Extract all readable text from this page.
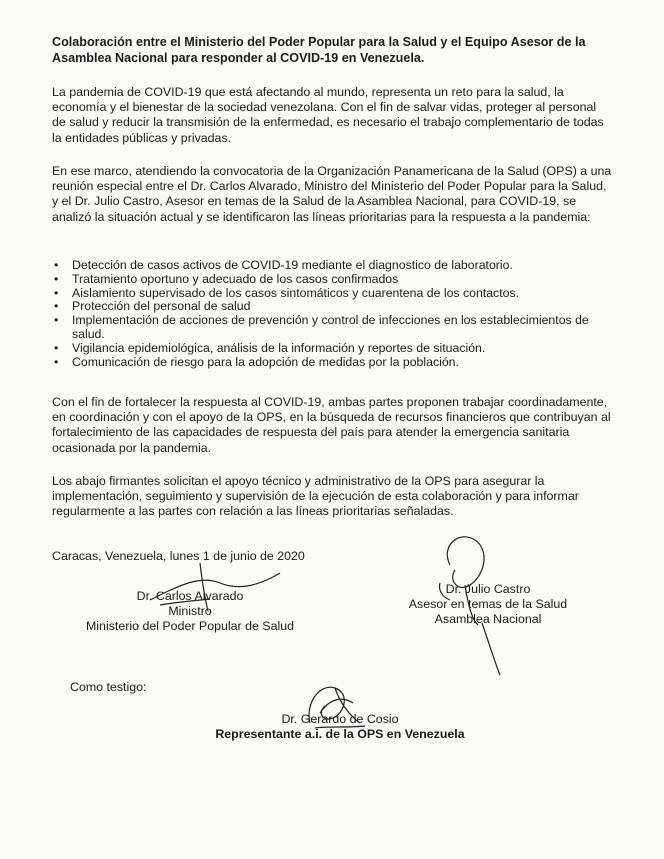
Colaboración entre el Ministerio del Poder Popular para la Salud y el Equipo Asesor de la Asamblea Nacional para responder al COVID-19 en Venezuela.
La pandemia de COVID-19 que está afectando al mundo, representa un reto para la salud, la economía y el bienestar de la sociedad venezolana. Con el fin de salvar vidas, proteger al personal de salud y reducir la transmisión de la enfermedad, es necesario el trabajo complementario de todas la entidades públicas y privadas.
En ese marco, atendiendo la convocatoria de la Organización Panamericana de la Salud (OPS) a una reunión especial entre el Dr. Carlos Alvarado, Ministro del Ministerio del Poder Popular para la Salud, y el Dr. Julio Castro, Asesor en temas de la Salud de la Asamblea Nacional, para COVID-19, se analizó la situación actual y se identificaron las líneas prioritarias para la respuesta a la pandemia:
• Detección de casos activos de COVID-19 mediante el diagnostico de laboratorio.
• Tratamiento oportuno y adecuado de los casos confirmados
• Aislamiento supervisado de los casos sintomáticos y cuarentena de los contactos.
• Protección del personal de salud
• Implementación de acciones de prevención y control de infecciones en los establecimientos de salud.
• Vigilancia epidemiológica, análisis de la información y reportes de situación.
• Comunicación de riesgo para la adopción de medidas por la población.
Con el fin de fortalecer la respuesta al COVID-19, ambas partes proponen trabajar coordinadamente, en coordinación y con el apoyo de la OPS, en la búsqueda de recursos financieros que contribuyan al fortalecimiento de las capacidades de respuesta del país para atender la emergencia sanitaria ocasionada por la pandemia.
Los abajo firmantes solicitan el apoyo técnico y administrativo de la OPS para asegurar la implementación, seguimiento y supervisión de la ejecución de esta colaboración y para informar regularmente a las partes con relación a las líneas prioritarias señaladas.
Caracas, Venezuela, lunes 1 de junio de 2020
Dr. Carlos Alvarado
Ministro
Ministerio del Poder Popular de Salud
Dr. Julio Castro
Asesor en temas de la Salud
Asamblea Nacional
Como testigo:
Dr. Gerardo de Cosio
Representante a.i. de la OPS en Venezuela
